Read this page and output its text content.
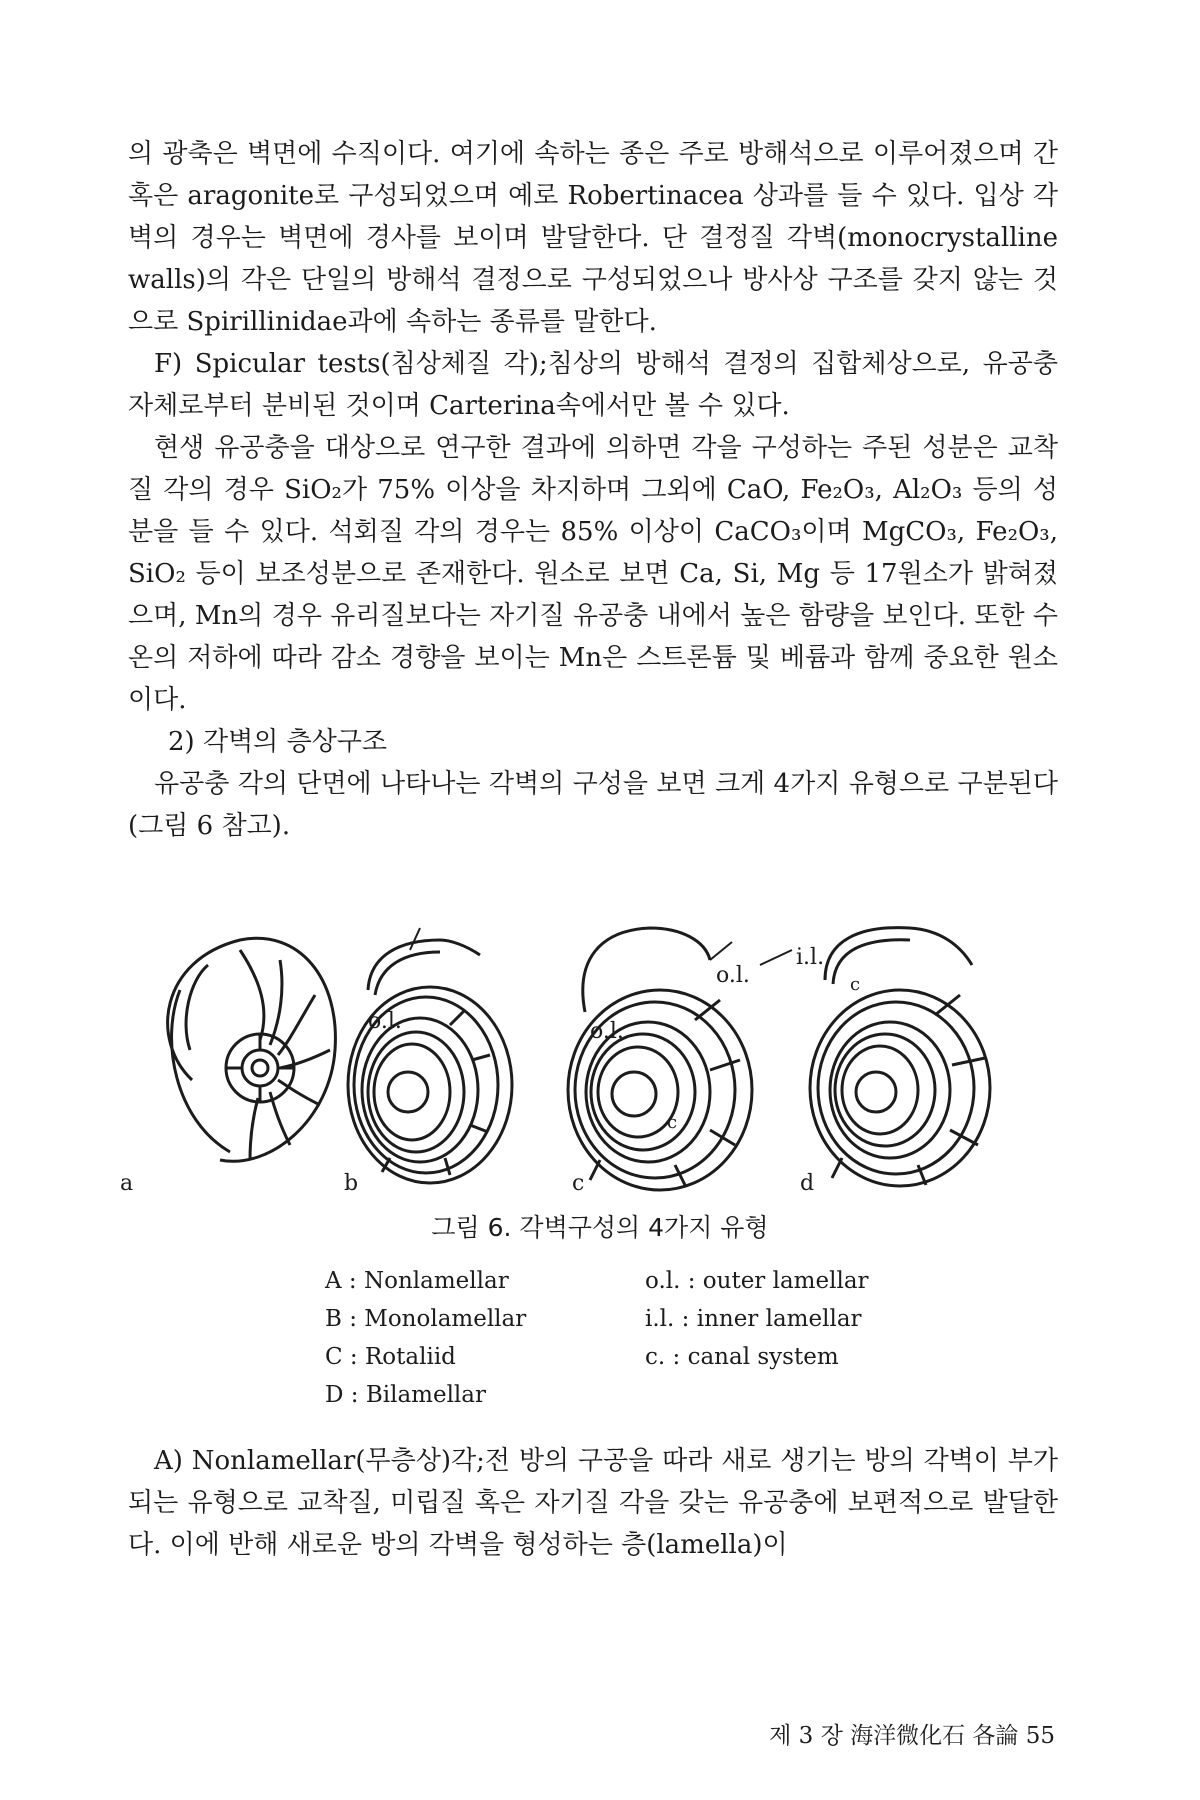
의 광축은 벽면에 수직이다. 여기에 속하는 종은 주로 방해석으로 이루어졌으며 간혹은 aragonite로 구성되었으며 예로 Robertinacea 상과를 들 수 있다. 입상 각벽의 경우는 벽면에 경사를 보이며 발달한다. 단 결정질 각벽(monocrystalline walls)의 각은 단일의 방해석 결정으로 구성되었으나 방사상 구조를 갖지 않는 것으로 Spirillinidae과에 속하는 종류를 말한다.

F) Spicular tests(침상체질 각);침상의 방해석 결정의 집합체상으로, 유공충 자체로부터 분비된 것이며 Carterina속에서만 볼 수 있다.

현생 유공충을 대상으로 연구한 결과에 의하면 각을 구성하는 주된 성분은 교착질 각의 경우 SiO₂가 75% 이상을 차지하며 그외에 CaO, Fe₂O₃, Al₂O₃ 등의 성분을 들 수 있다. 석회질 각의 경우는 85% 이상이 CaCO₃이며 MgCO₃, Fe₂O₃, SiO₂ 등이 보조성분으로 존재한다. 원소로 보면 Ca, Si, Mg 등 17원소가 밝혀졌으며, Mn의 경우 유리질보다는 자기질 유공충 내에서 높은 함량을 보인다. 또한 수온의 저하에 따라 감소 경향을 보이는 Mn은 스트론튬 및 베륨과 함께 중요한 원소이다.

2) 각벽의 층상구조

유공충 각의 단면에 나타나는 각벽의 구성을 보면 크게 4가지 유형으로 구분된다(그림 6 참고).

a	b	c	d
o.l.	o.l.
c
o.l.
i.l.
c
그림 6. 각벽구성의 4가지 유형
A : Nonlamellar
B : Monolamellar
C : Rotaliid
D : Bilamellar
o.l. : outer lamellar
i.l. : inner lamellar
c. : canal system

A) Nonlamellar(무층상)각;전 방의 구공을 따라 새로 생기는 방의 각벽이 부가되는 유형으로 교착질, 미립질 혹은 자기질 각을 갖는 유공충에 보편적으로 발달한다. 이에 반해 새로운 방의 각벽을 형성하는 층(lamella)이

제 3 장 海洋微化石 各論 55
